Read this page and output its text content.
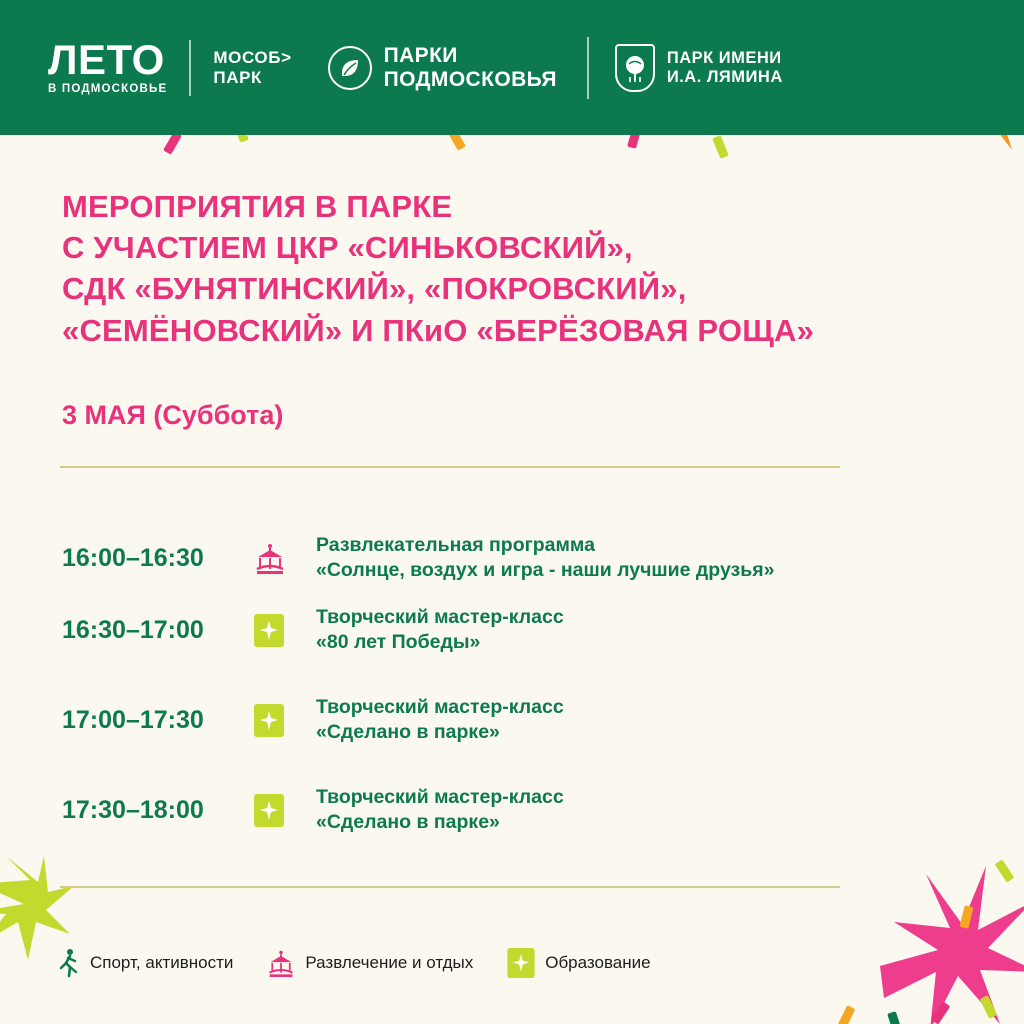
ЛЕТО
В ПОДМОСКОВЬЕ
МОСОБ>
ПАРК
ПАРКИ
ПОДМОСКОВЬЯ
ПАРК ИМЕНИ
И.А. ЛЯМИНА
МЕРОПРИЯТИЯ В ПАРКЕ
С УЧАСТИЕМ ЦКР «СИНЬКОВСКИЙ»,
СДК «БУНЯТИНСКИЙ», «ПОКРОВСКИЙ»,
«СЕМЁНОВСКИЙ» И ПКиО «БЕРЁЗОВАЯ РОЩА»
3 МАЯ (Суббота)
16:00–16:30	Развлекательная программа
«Солнце, воздух и игра - наши лучшие друзья»
16:30–17:00	Творческий мастер-класс
«80 лет Победы»
17:00–17:30	Творческий мастер-класс
«Сделано в парке»
17:30–18:00	Творческий мастер-класс
«Сделано в парке»
Спорт, активности	Развлечение и отдых	Образование
